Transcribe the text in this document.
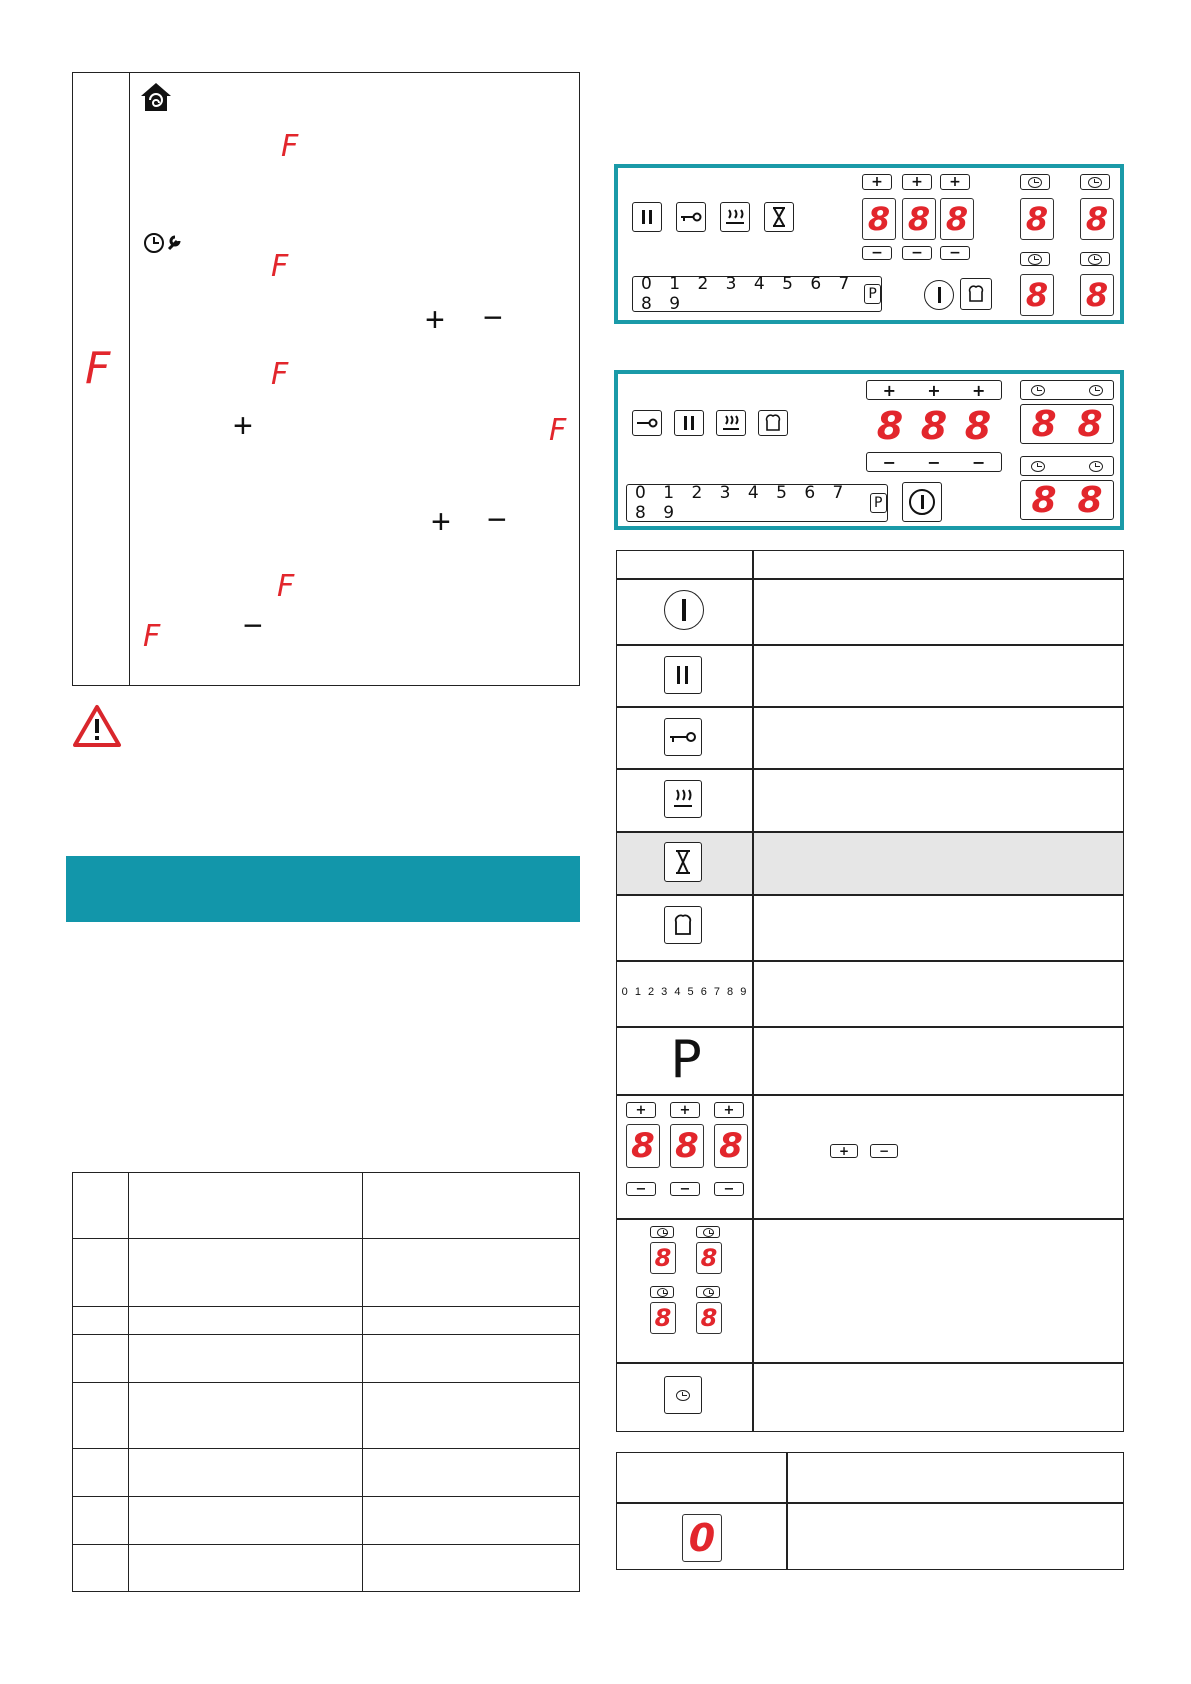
F
F
F
+ −
F
+	F
+ −
F
−
F
+	+	+
8 8 8
−	−	−
8 8
0 1 2 3 4 5 6 7 8 9	P	8 8
+ + +
8 8 8
− − −
8 8
8 8
0 1 2 3 4 5 6 7 8 9	P
0 1 2 3 4 5 6 7 8 9
P
+	+	+
8 8 8
−	−	−
+	−
8 8
8 8
0
